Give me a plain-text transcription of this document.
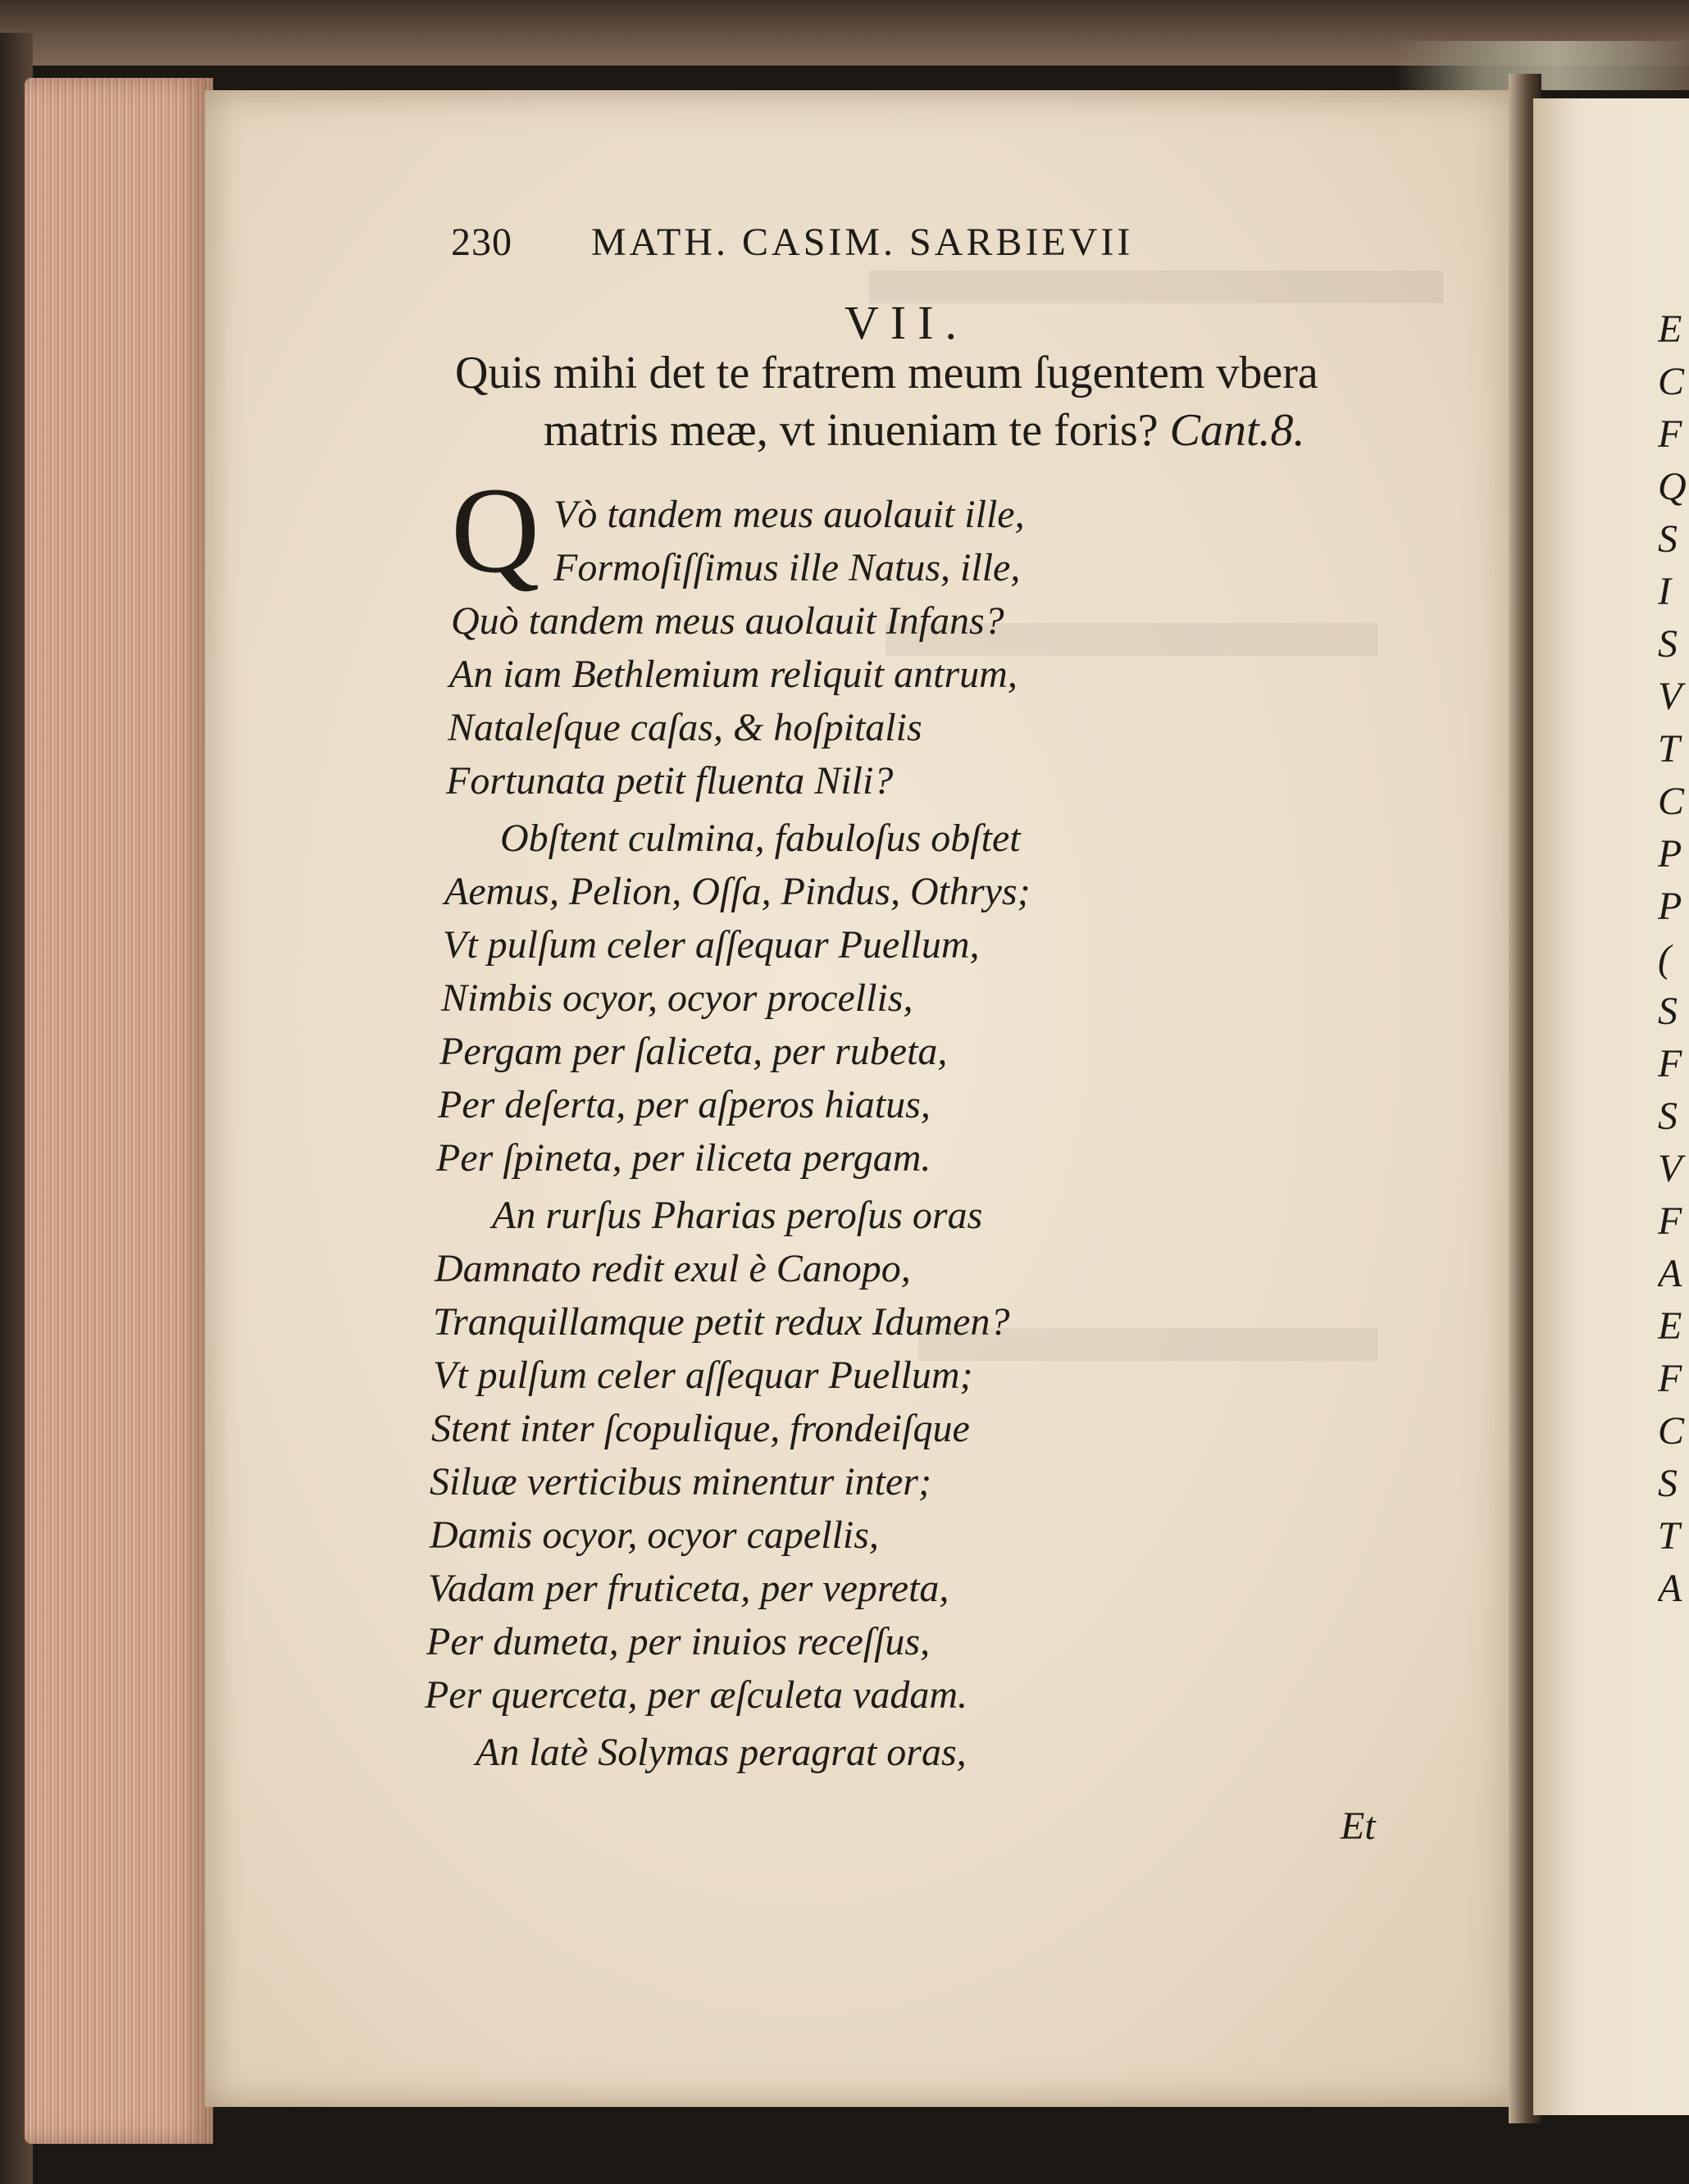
E
C
F
Q
S
I
S
V
T
C
P
P
(
S
F
S
V
F
A
E
F
C
S
T
A
230 MATH. CASIM. SARBIEVII
VII.
Quis mihi det te fratrem meum ſugentem vbera
matris meæ, vt inueniam te foris? Cant.8.
Q Vò tandem meus auolauit ille,
Formoſiſſimus ille Natus, ille,
Quò tandem meus auolauit Infans?
An iam Bethlemium reliquit antrum,
Nataleſque caſas, & hoſpitalis
Fortunata petit fluenta Nili?
Obſtent culmina, fabuloſus obſtet
Aemus, Pelion, Oſſa, Pindus, Othrys;
Vt pulſum celer aſſequar Puellum,
Nimbis ocyor, ocyor procellis,
Pergam per ſaliceta, per rubeta,
Per deſerta, per aſperos hiatus,
Per ſpineta, per iliceta pergam.
An rurſus Pharias peroſus oras
Damnato redit exul è Canopo,
Tranquillamque petit redux Idumen?
Vt pulſum celer aſſequar Puellum;
Stent inter ſcopulique, frondeiſque
Siluæ verticibus minentur inter;
Damis ocyor, ocyor capellis,
Vadam per fruticeta, per vepreta,
Per dumeta, per inuios receſſus,
Per querceta, per æſculeta vadam.
An latè Solymas peragrat oras,
Et
